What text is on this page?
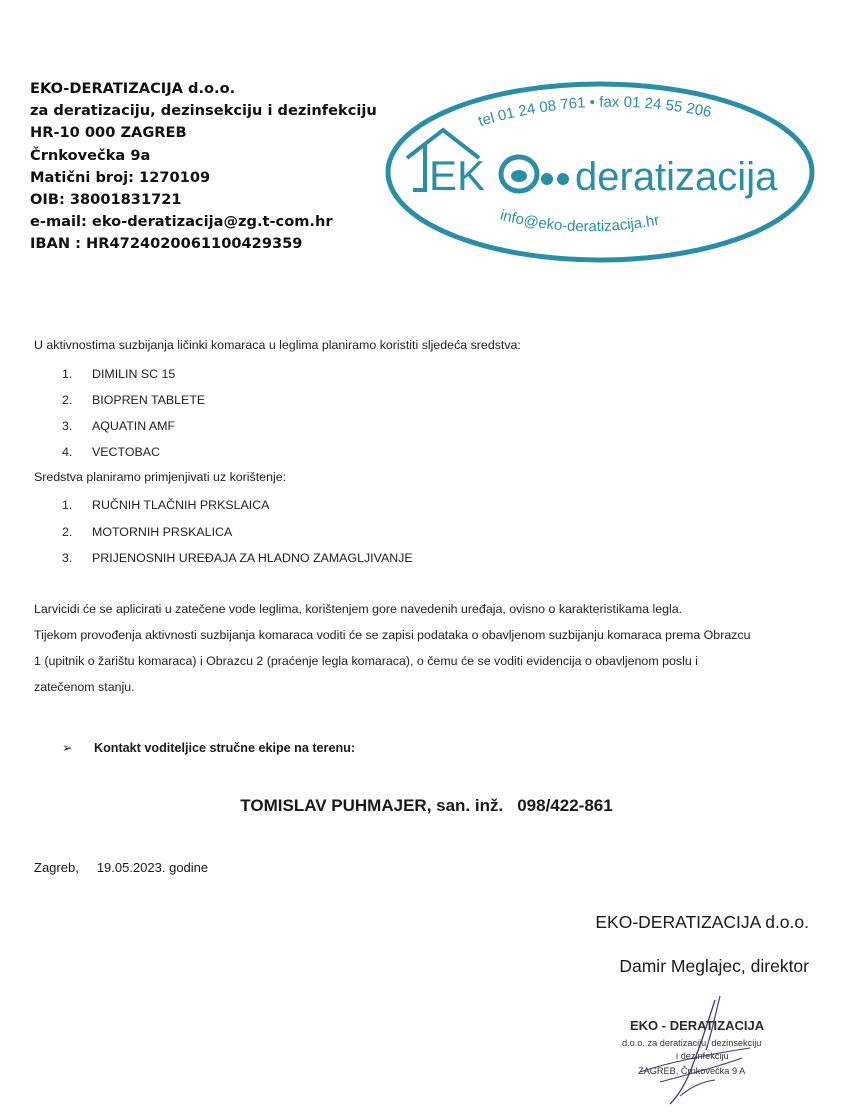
EKO-DERATIZACIJA d.o.o.
za deratizaciju, dezinsekciju i dezinfekciju
HR-10 000 ZAGREB
Črnkovečka 9a
Matični broj: 1270109
OIB: 38001831721
e-mail: eko-deratizacija@zg.t-com.hr
IBAN : HR4724020061100429359
tel 01 24 08 761 • fax 01 24 55 206
info@eko-deratizacija.hr
EK deratizacija
U aktivnostima suzbijanja ličinki komaraca u leglima planiramo koristiti sljedeća sredstva:
1. DIMILIN SC 15
2. BIOPREN TABLETE
3. AQUATIN AMF
4. VECTOBAC
Sredstva planiramo primjenjivati uz korištenje:
1. RUČNIH TLAČNIH PRKSLAICA
2. MOTORNIH PRSKALICA
3. PRIJENOSNIH UREĐAJA ZA HLADNO ZAMAGLJIVANJE
Larvicidi će se aplicirati u zatečene vode leglima, korištenjem gore navedenih uređaja, ovisno o karakteristikama legla.
Tijekom provođenja aktivnosti suzbijanja komaraca voditi će se zapisi podataka o obavljenom suzbijanju komaraca prema Obrazcu
1 (upitnik o žarištu komaraca) i Obrazcu 2 (praćenje legla komaraca), o čemu će se voditi evidencija o obavljenom poslu i
zatečenom stanju.
➢ Kontakt voditeljice stručne ekipe na terenu:
TOMISLAV PUHMAJER, san. inž. 098/422-861
Zagreb, 19.05.2023. godine
EKO-DERATIZACIJA d.o.o.
Damir Meglajec, direktor
EKO - DERATIZACIJA
d.o.o. za deratizaciju, dezinsekciju
i dezinfekciju
ZAGREB, Črnkovečka 9 A
